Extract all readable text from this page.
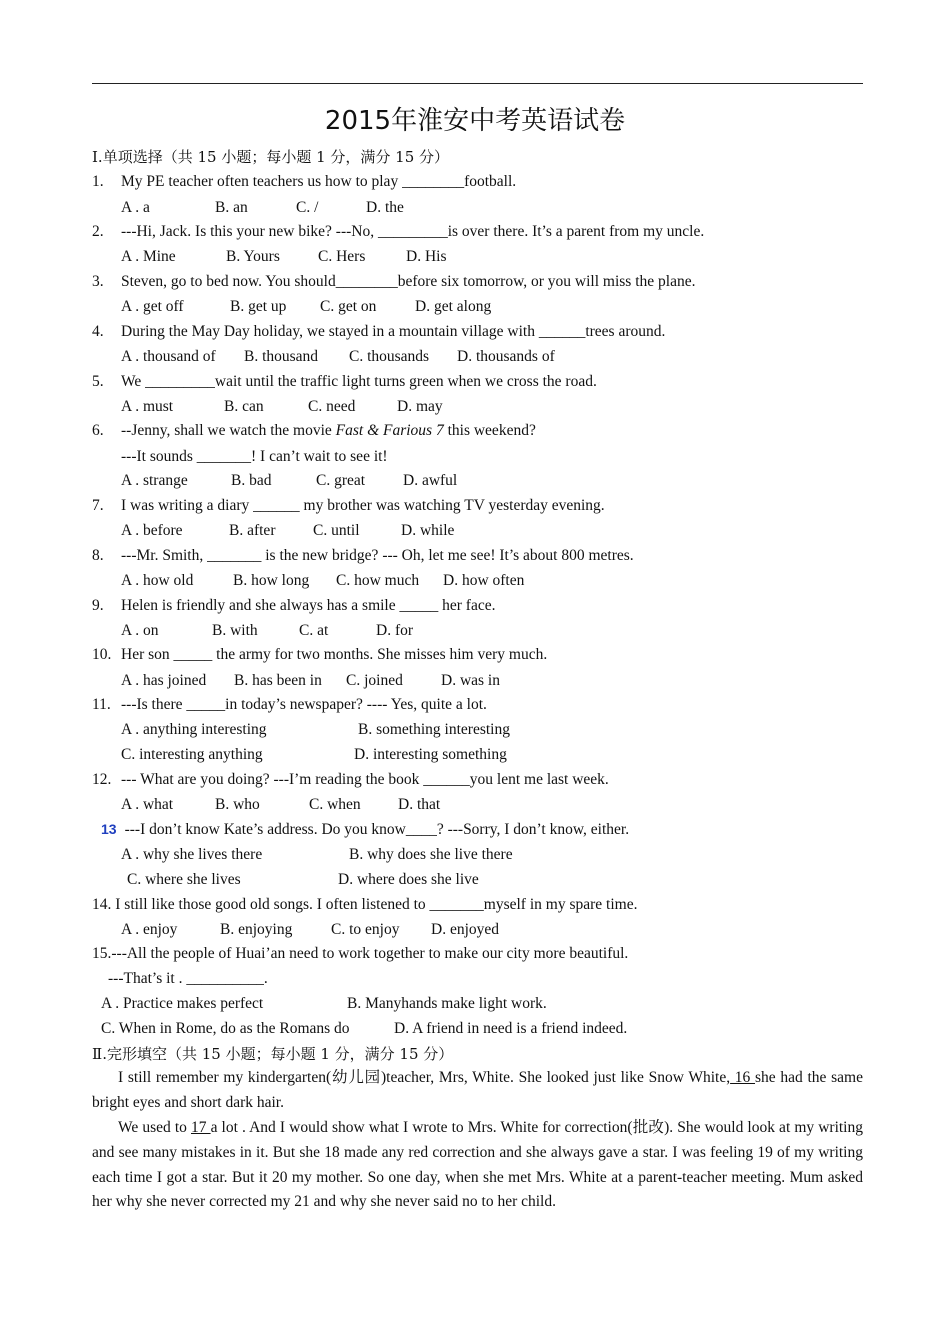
2015年淮安中考英语试卷
Ⅰ.单项选择（共 15 小题；每小题 1 分，满分 15 分）
1. My PE teacher often teachers us how to play ________football.
A . a	B. an	C. /	D. the
2. ---Hi, Jack. Is this your new bike? ---No, _________is over there. It’s a parent from my uncle.
A . Mine	B. Yours C. Hers	D. His
3. Steven, go to bed now. You should________before six tomorrow, or you will miss the plane.
A . get off	B. get up C. get on D. get along
4. During the May Day holiday, we stayed in a mountain village with ______trees around.
A . thousand of B. thousand C. thousands D. thousands of
5. We _________wait until the traffic light turns green when we cross the road.
A . must	B. can	C. need	D. may
6. --Jenny, shall we watch the movie Fast & Farious 7 this weekend?
---It sounds _______! I can’t wait to see it!
A . strange	B. bad	C. great D. awful
7. I was writing a diary ______ my brother was watching TV yesterday evening.
A . before	B. after C. until	D. while
8. ---Mr. Smith, _______ is the new bridge? --- Oh, let me see! It’s about 800 metres.
A . how old	B. how long C. how much D. how often
9. Helen is friendly and she always has a smile _____ her face.
A . on	B. with	C. at	D. for
10. Her son _____ the army for two months. She misses him very much.
A . has joined B. has been in C. joined D. was in
11. ---Is there _____in today’s newspaper? ---- Yes, quite a lot.
A . anything interesting	B. something interesting
C. interesting anything	D. interesting something
12. --- What are you doing? ---I’m reading the book ______you lent me last week.
A . what	B. who	C. when D. that
13 ---I don’t know Kate’s address. Do you know____? ---Sorry, I don’t know, either.
A . why she lives there	B. why does she live there
C. where she lives	D. where does she live
14. I still like those good old songs. I often listened to _______myself in my spare time.
A . enjoy	B. enjoying C. to enjoy D. enjoyed
15.---All the people of Huai’an need to work together to make our city more beautiful.
---That’s it . __________.
A . Practice makes perfect	B. Manyhands make light work.
C. When in Rome, do as the Romans do	D. A friend in need is a friend indeed.
Ⅱ.完形填空（共 15 小题；每小题 1 分，满分 15 分）
I still remember my kindergarten(幼儿园)teacher, Mrs, White. She looked just like Snow White, 16 she had the same bright eyes and short dark hair.
We used to 17 a lot . And I would show what I wrote to Mrs. White for correction(批改). She would look at my writing and see many mistakes in it. But she 18 made any red correction and she always gave a star. I was feeling 19 of my writing each time I got a star. But it 20 my mother. So one day, when she met Mrs. White at a parent-teacher meeting. Mum asked her why she never corrected my 21 and why she never said no to her child.
